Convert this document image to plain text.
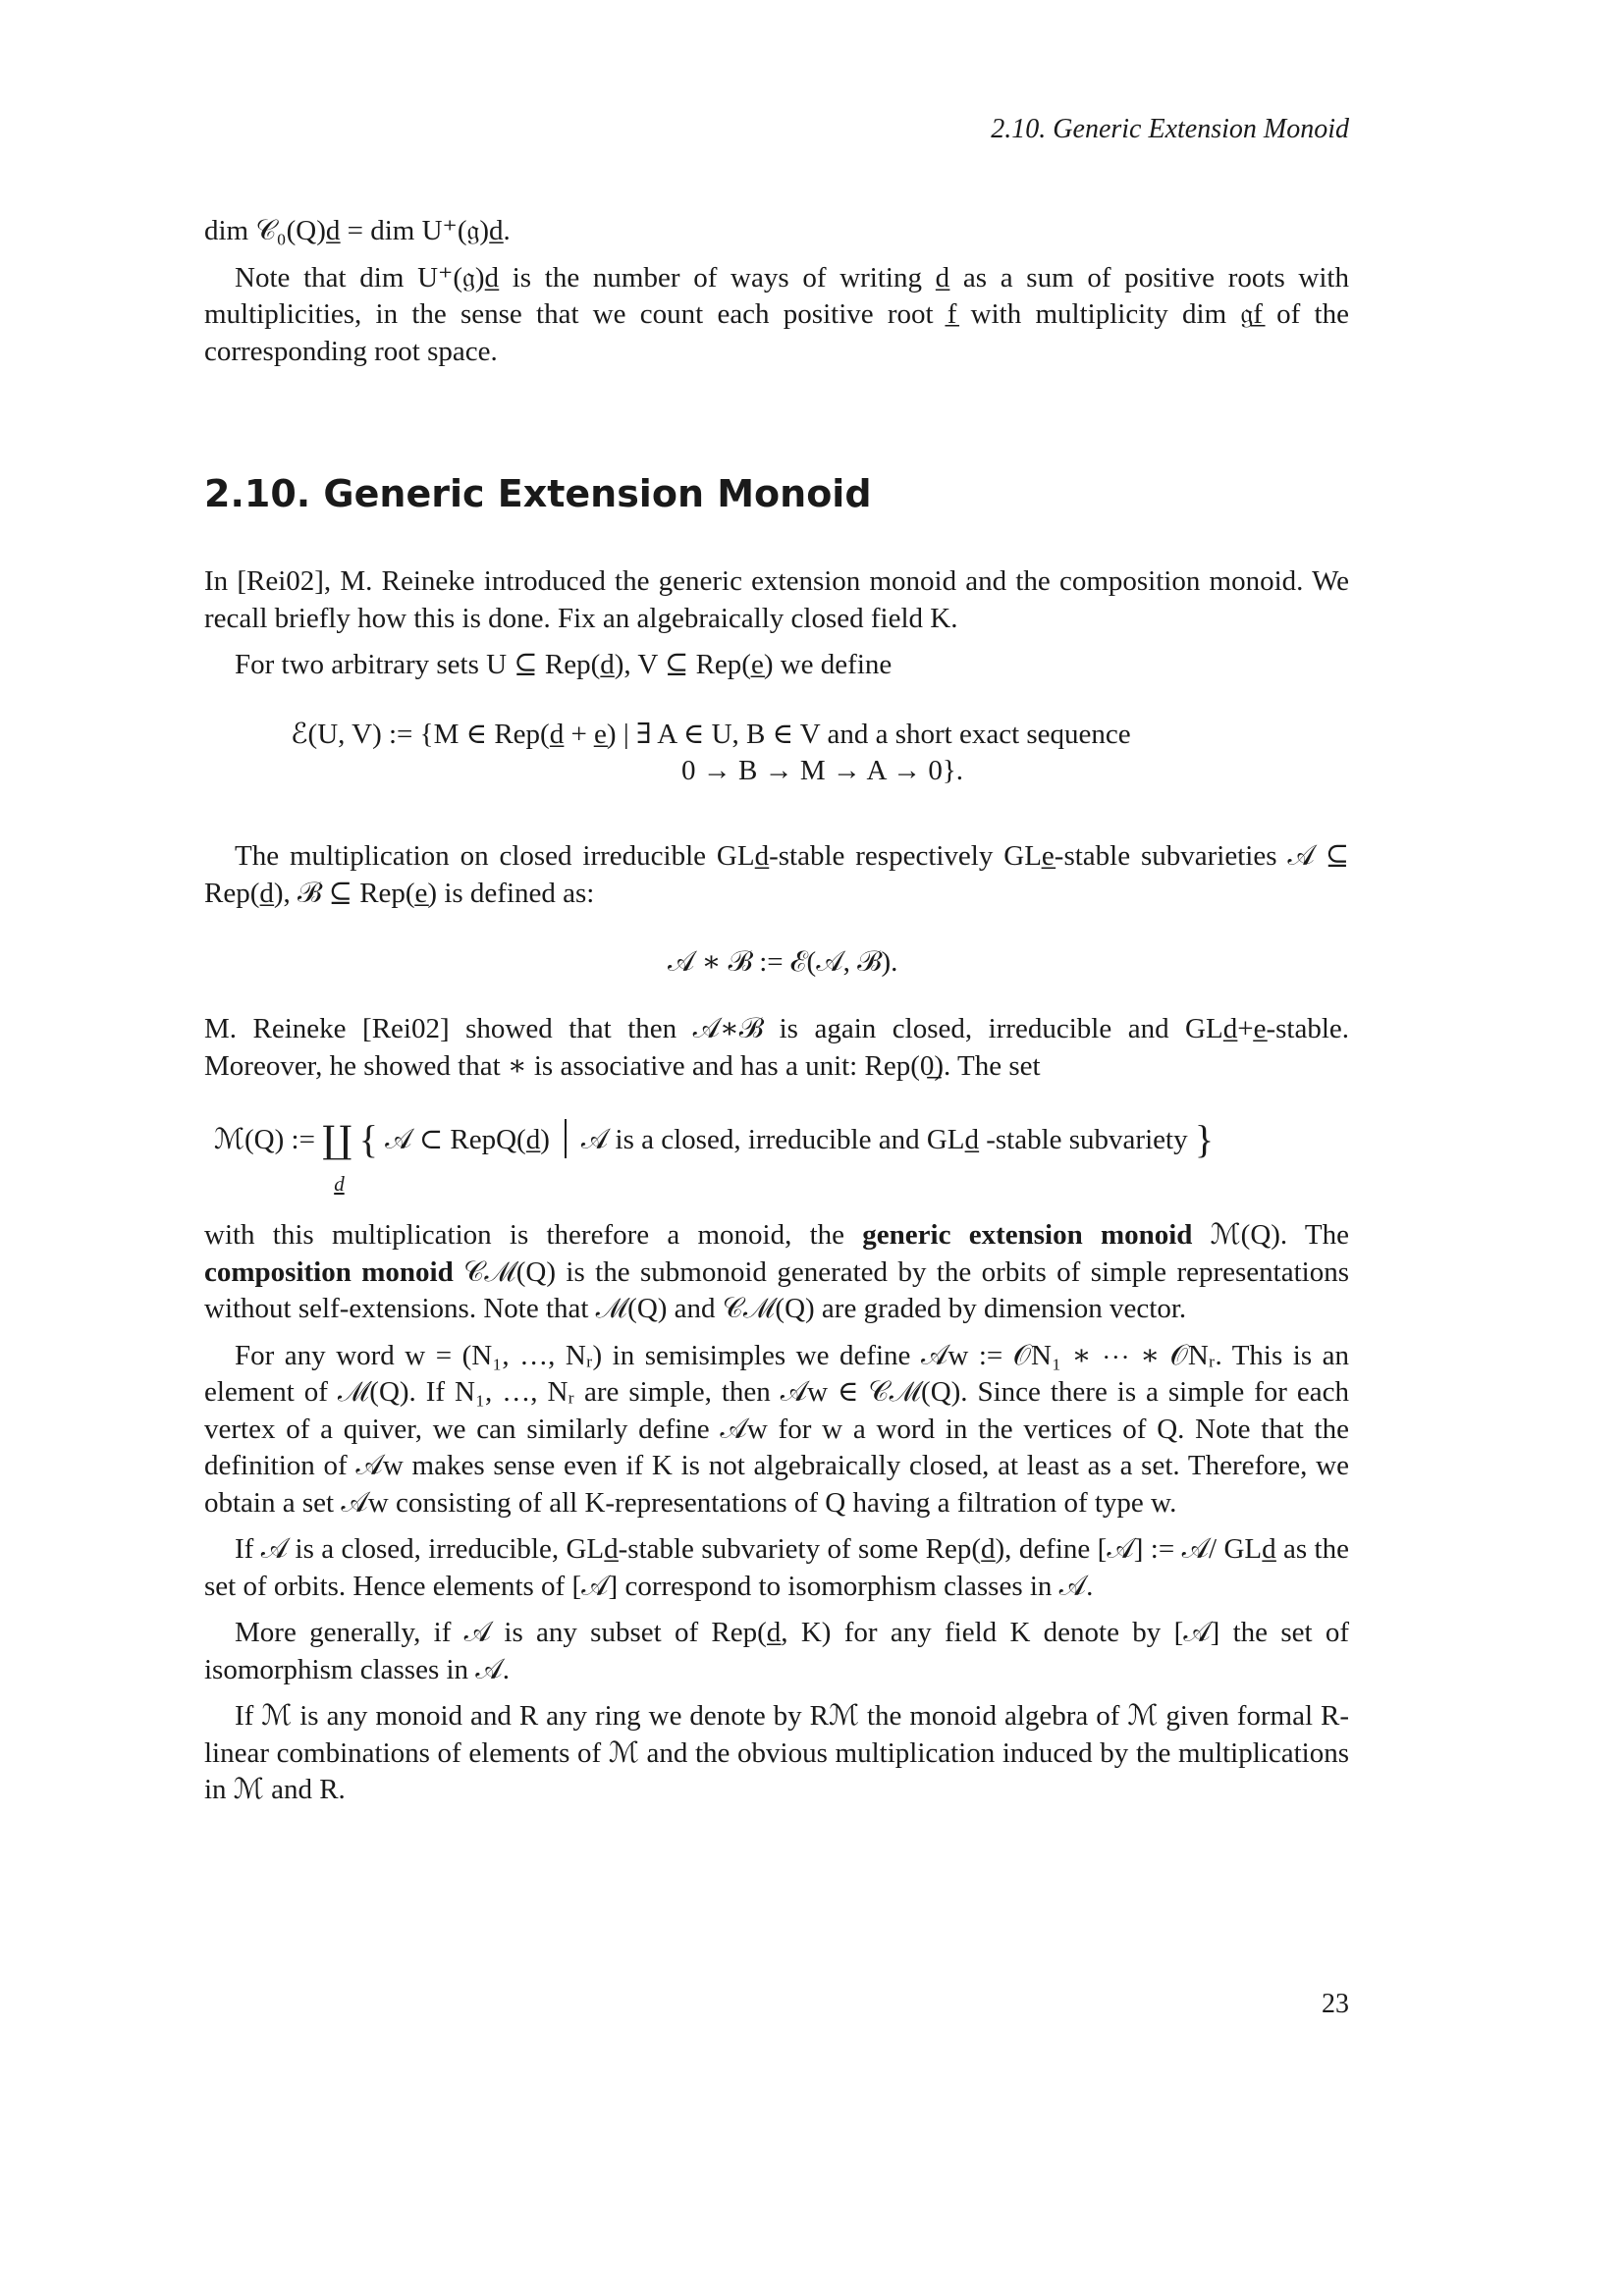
2.10. Generic Extension Monoid

dim 𝒞₀(Q)d̲ = dim U⁺(𝔤)d̲.

Note that dim U⁺(𝔤)d̲ is the number of ways of writing d̲ as a sum of positive roots with multiplicities, in the sense that we count each positive root f̲ with multiplicity dim 𝔤f̲ of the corresponding root space.

2.10. Generic Extension Monoid

In [Rei02], M. Reineke introduced the generic extension monoid and the composition monoid. We recall briefly how this is done. Fix an algebraically closed field K.

For two arbitrary sets U ⊆ Rep(d̲), V ⊆ Rep(e̲) we define

ℰ(U, V) := {M ∈ Rep(d̲ + e̲) | ∃ A ∈ U, B ∈ V and a short exact sequence
0 → B → M → A → 0}.

The multiplication on closed irreducible GLd̲-stable respectively GLe̲-stable subvarieties 𝒜 ⊆ Rep(d̲), ℬ ⊆ Rep(e̲) is defined as:

𝒜 ∗ ℬ := ℰ(𝒜, ℬ).

M. Reineke [Rei02] showed that then 𝒜∗ℬ is again closed, irreducible and GLd̲+e̲-stable. Moreover, he showed that ∗ is associative and has a unit: Rep(0̲). The set

ℳ(Q) := ∐
d
{ 𝒜 ⊂ RepQ(d̲) 𝒜 is a closed, irreducible and GLd̲ -stable subvariety }

with this multiplication is therefore a monoid, the generic extension monoid ℳ(Q). The composition monoid 𝒞ℳ(Q) is the submonoid generated by the orbits of simple representations without self-extensions. Note that ℳ(Q) and 𝒞ℳ(Q) are graded by dimension vector.

For any word w = (N₁, …, Nᵣ) in semisimples we define 𝒜w := 𝒪N₁ ∗ ⋯ ∗ 𝒪Nᵣ. This is an element of ℳ(Q). If N₁, …, Nᵣ are simple, then 𝒜w ∈ 𝒞ℳ(Q). Since there is a simple for each vertex of a quiver, we can similarly define 𝒜w for w a word in the vertices of Q. Note that the definition of 𝒜w makes sense even if K is not algebraically closed, at least as a set. Therefore, we obtain a set 𝒜w consisting of all K-representations of Q having a filtration of type w.

If 𝒜 is a closed, irreducible, GLd̲-stable subvariety of some Rep(d̲), define [𝒜] := 𝒜/ GLd̲ as the set of orbits. Hence elements of [𝒜] correspond to isomorphism classes in 𝒜.

More generally, if 𝒜 is any subset of Rep(d̲, K) for any field K denote by [𝒜] the set of isomorphism classes in 𝒜.

If ℳ is any monoid and R any ring we denote by Rℳ the monoid algebra of ℳ given formal R-linear combinations of elements of ℳ and the obvious multiplication induced by the multiplications in ℳ and R.

23
